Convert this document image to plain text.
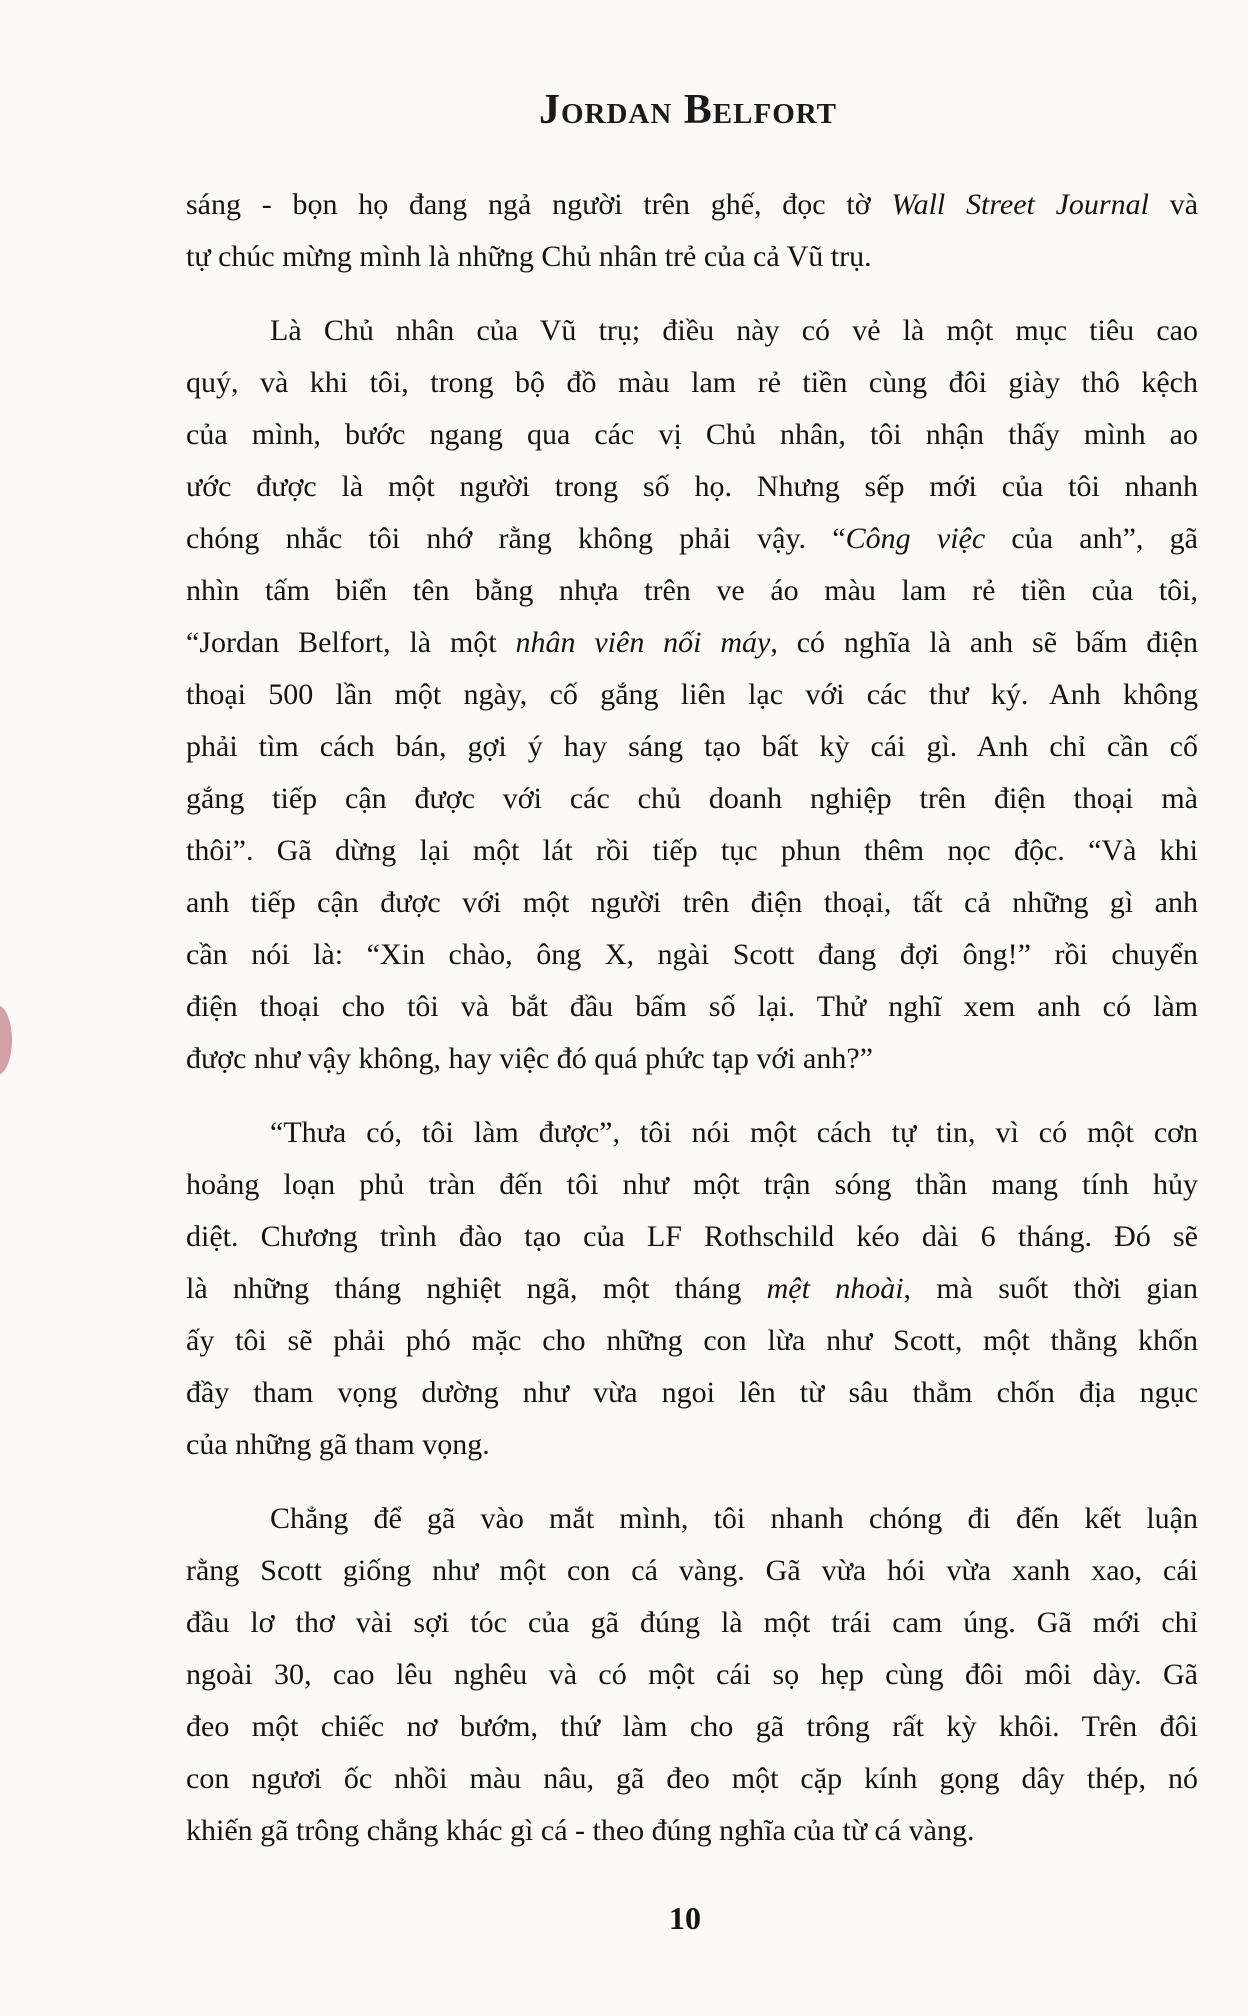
Jordan Belfort
sáng - bọn họ đang ngả người trên ghế, đọc tờ Wall Street Journal và
tự chúc mừng mình là những Chủ nhân trẻ của cả Vũ trụ.
Là Chủ nhân của Vũ trụ; điều này có vẻ là một mục tiêu cao
quý, và khi tôi, trong bộ đồ màu lam rẻ tiền cùng đôi giày thô kệch
của mình, bước ngang qua các vị Chủ nhân, tôi nhận thấy mình ao
ước được là một người trong số họ. Nhưng sếp mới của tôi nhanh
chóng nhắc tôi nhớ rằng không phải vậy. “Công việc của anh”, gã
nhìn tấm biển tên bằng nhựa trên ve áo màu lam rẻ tiền của tôi,
“Jordan Belfort, là một nhân viên nối máy, có nghĩa là anh sẽ bấm điện
thoại 500 lần một ngày, cố gắng liên lạc với các thư ký. Anh không
phải tìm cách bán, gợi ý hay sáng tạo bất kỳ cái gì. Anh chỉ cần cố
gắng tiếp cận được với các chủ doanh nghiệp trên điện thoại mà
thôi”. Gã dừng lại một lát rồi tiếp tục phun thêm nọc độc. “Và khi
anh tiếp cận được với một người trên điện thoại, tất cả những gì anh
cần nói là: “Xin chào, ông X, ngài Scott đang đợi ông!” rồi chuyển
điện thoại cho tôi và bắt đầu bấm số lại. Thử nghĩ xem anh có làm
được như vậy không, hay việc đó quá phức tạp với anh?”
“Thưa có, tôi làm được”, tôi nói một cách tự tin, vì có một cơn
hoảng loạn phủ tràn đến tôi như một trận sóng thần mang tính hủy
diệt. Chương trình đào tạo của LF Rothschild kéo dài 6 tháng. Đó sẽ
là những tháng nghiệt ngã, một tháng mệt nhoài, mà suốt thời gian
ấy tôi sẽ phải phó mặc cho những con lừa như Scott, một thằng khốn
đầy tham vọng dường như vừa ngoi lên từ sâu thẳm chốn địa ngục
của những gã tham vọng.
Chẳng để gã vào mắt mình, tôi nhanh chóng đi đến kết luận
rằng Scott giống như một con cá vàng. Gã vừa hói vừa xanh xao, cái
đầu lơ thơ vài sợi tóc của gã đúng là một trái cam úng. Gã mới chỉ
ngoài 30, cao lêu nghêu và có một cái sọ hẹp cùng đôi môi dày. Gã
đeo một chiếc nơ bướm, thứ làm cho gã trông rất kỳ khôi. Trên đôi
con ngươi ốc nhồi màu nâu, gã đeo một cặp kính gọng dây thép, nó
khiến gã trông chẳng khác gì cá - theo đúng nghĩa của từ cá vàng.
10
